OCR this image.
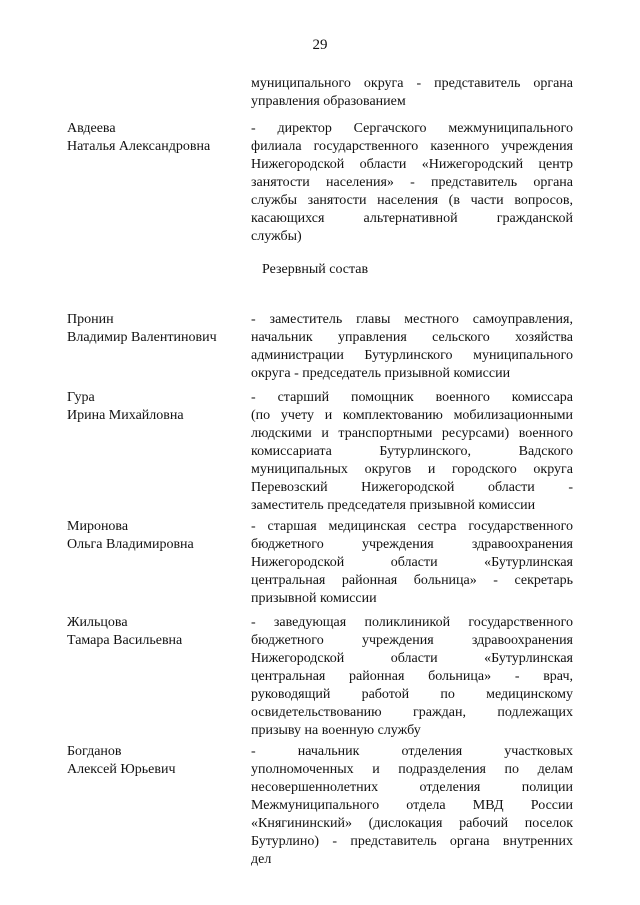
29
муниципального округа - представитель органа
управления образованием
Авдеева
Наталья Александровна
- директор Сергачского межмуниципального
филиала государственного казенного учреждения
Нижегородской области «Нижегородский центр
занятости населения» - представитель органа
службы занятости населения (в части вопросов,
касающихся альтернативной гражданской
службы)
Резервный состав
Пронин
Владимир Валентинович
- заместитель главы местного самоуправления,
начальник управления сельского хозяйства
администрации Бутурлинского муниципального
округа - председатель призывной комиссии
Гура
Ирина Михайловна
- старший помощник военного комиссара
(по учету и комплектованию мобилизационными
людскими и транспортными ресурсами) военного
комиссариата Бутурлинского, Вадского
муниципальных округов и городского округа
Перевозский Нижегородской области -
заместитель председателя призывной комиссии
Миронова
Ольга Владимировна
- старшая медицинская сестра государственного
бюджетного учреждения здравоохранения
Нижегородской области «Бутурлинская
центральная районная больница» - секретарь
призывной комиссии
Жильцова
Тамара Васильевна
- заведующая поликлиникой государственного
бюджетного учреждения здравоохранения
Нижегородской области «Бутурлинская
центральная районная больница» - врач,
руководящий работой по медицинскому
освидетельствованию граждан, подлежащих
призыву на военную службу
Богданов
Алексей Юрьевич
- начальник отделения участковых
уполномоченных и подразделения по делам
несовершеннолетних отделения полиции
Межмуниципального отдела МВД России
«Княгининский» (дислокация рабочий поселок
Бутурлино) - представитель органа внутренних
дел
